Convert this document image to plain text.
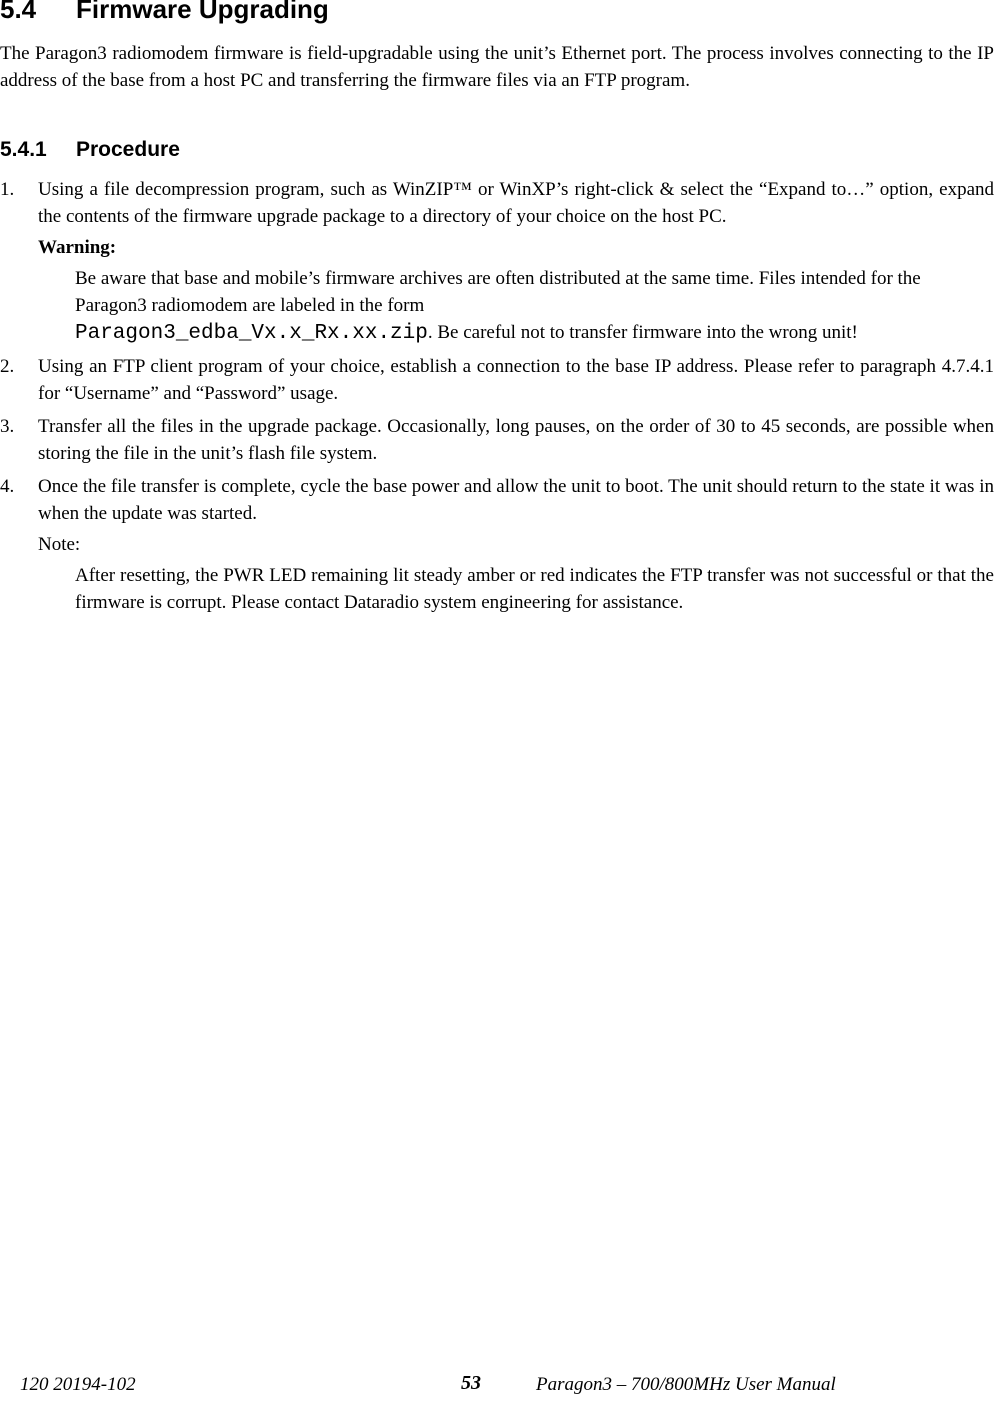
5.4 Firmware Upgrading

The Paragon3 radiomodem firmware is field-upgradable using the unit’s Ethernet port. The process involves connecting to the IP address of the base from a host PC and transferring the firmware files via an FTP program.

5.4.1 Procedure
1.	Using a file decompression program, such as WinZIP™ or WinXP’s right-click & select the “Expand to…” option, expand the contents of the firmware upgrade package to a directory of your choice on the host PC.
Warning:

Be aware that base and mobile’s firmware archives are often distributed at the same time. Files intended for the Paragon3 radiomodem are labeled in the form
Paragon3_edba_Vx.x_Rx.xx.zip. Be careful not to transfer firmware into the wrong unit!

2.	Using an FTP client program of your choice, establish a connection to the base IP address. Please refer to paragraph 4.7.4.1 for “Username” and “Password” usage.
3.	Transfer all the files in the upgrade package. Occasionally, long pauses, on the order of 30 to 45 seconds, are possible when storing the file in the unit’s flash file system.
4.	Once the file transfer is complete, cycle the base power and allow the unit to boot. The unit should return to the state it was in when the update was started.
Note:

After resetting, the PWR LED remaining lit steady amber or red indicates the FTP transfer was not successful or that the firmware is corrupt. Please contact Dataradio system engineering for assistance.

120 20194-102	53	Paragon3 – 700/800MHz User Manual
